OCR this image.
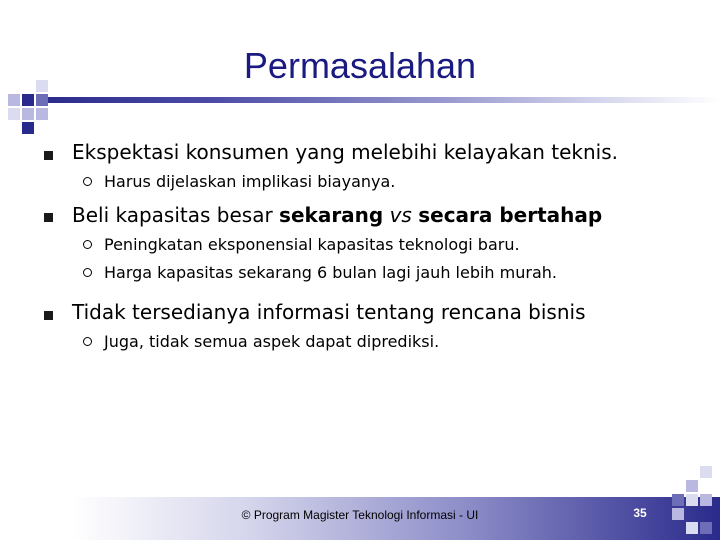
Permasalahan
Ekspektasi konsumen yang melebihi kelayakan teknis.
Harus dijelaskan implikasi biayanya.
Beli kapasitas besar sekarang vs secara bertahap
Peningkatan eksponensial kapasitas teknologi baru.
Harga kapasitas sekarang 6 bulan lagi jauh lebih murah.
Tidak tersedianya informasi tentang rencana bisnis
Juga, tidak semua aspek dapat diprediksi.
© Program Magister Teknologi Informasi - UI	35
